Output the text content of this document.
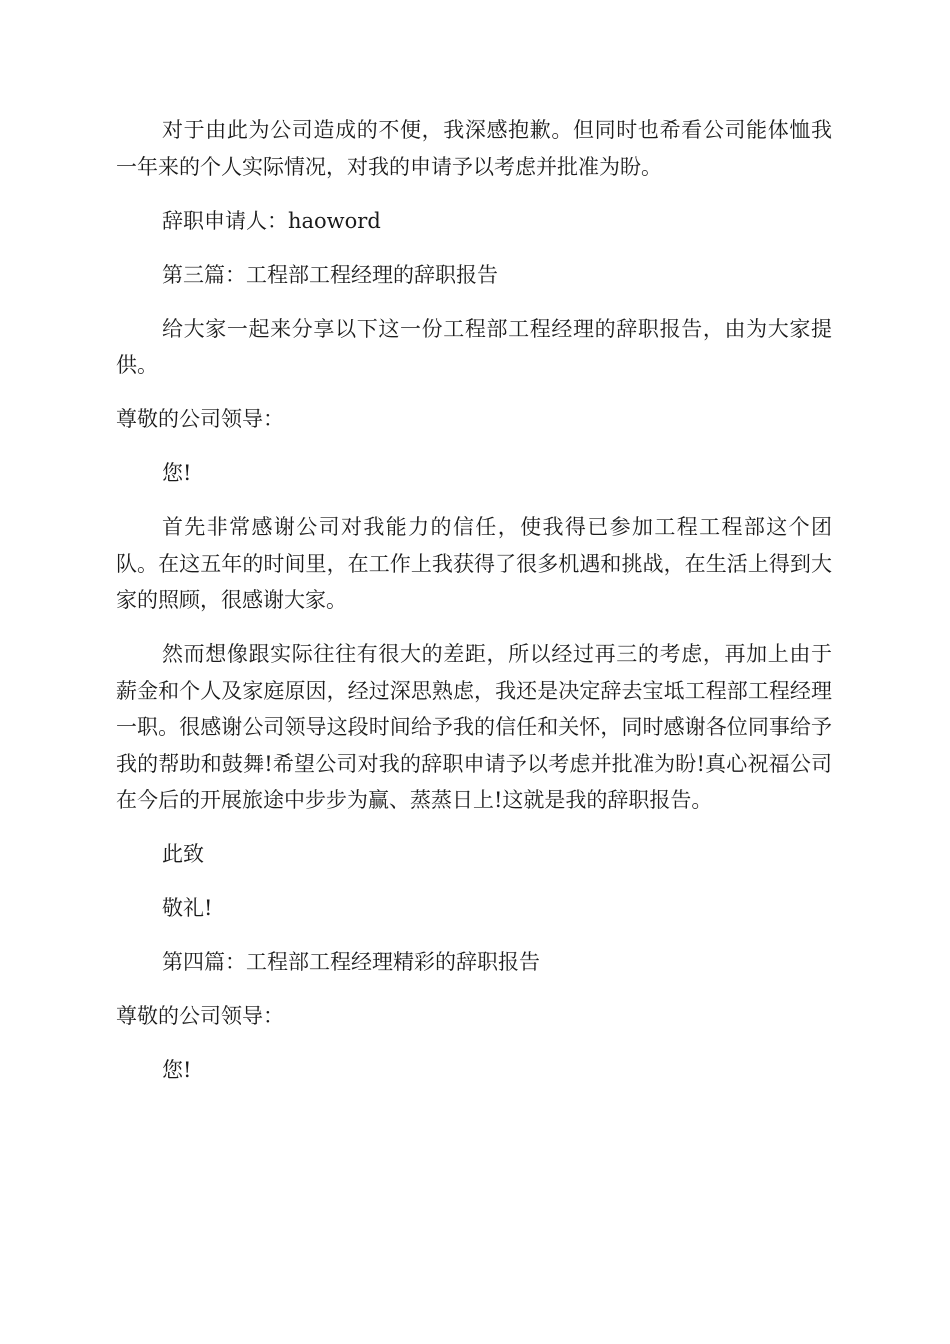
对于由此为公司造成的不便，我深感抱歉。但同时也希看公司能体恤我一年来的个人实际情况，对我的申请予以考虑并批准为盼。

辞职申请人：haoword

第三篇：工程部工程经理的辞职报告

给大家一起来分享以下这一份工程部工程经理的辞职报告，由为大家提供。

尊敬的公司领导：

您!

首先非常感谢公司对我能力的信任，使我得已参加工程工程部这个团队。在这五年的时间里，在工作上我获得了很多机遇和挑战，在生活上得到大家的照顾，很感谢大家。

然而想像跟实际往往有很大的差距，所以经过再三的考虑，再加上由于薪金和个人及家庭原因，经过深思熟虑，我还是决定辞去宝坻工程部工程经理一职。很感谢公司领导这段时间给予我的信任和关怀，同时感谢各位同事给予我的帮助和鼓舞!希望公司对我的辞职申请予以考虑并批准为盼!真心祝福公司在今后的开展旅途中步步为赢、蒸蒸日上!这就是我的辞职报告。

此致

敬礼!

第四篇：工程部工程经理精彩的辞职报告

尊敬的公司领导：

您!
